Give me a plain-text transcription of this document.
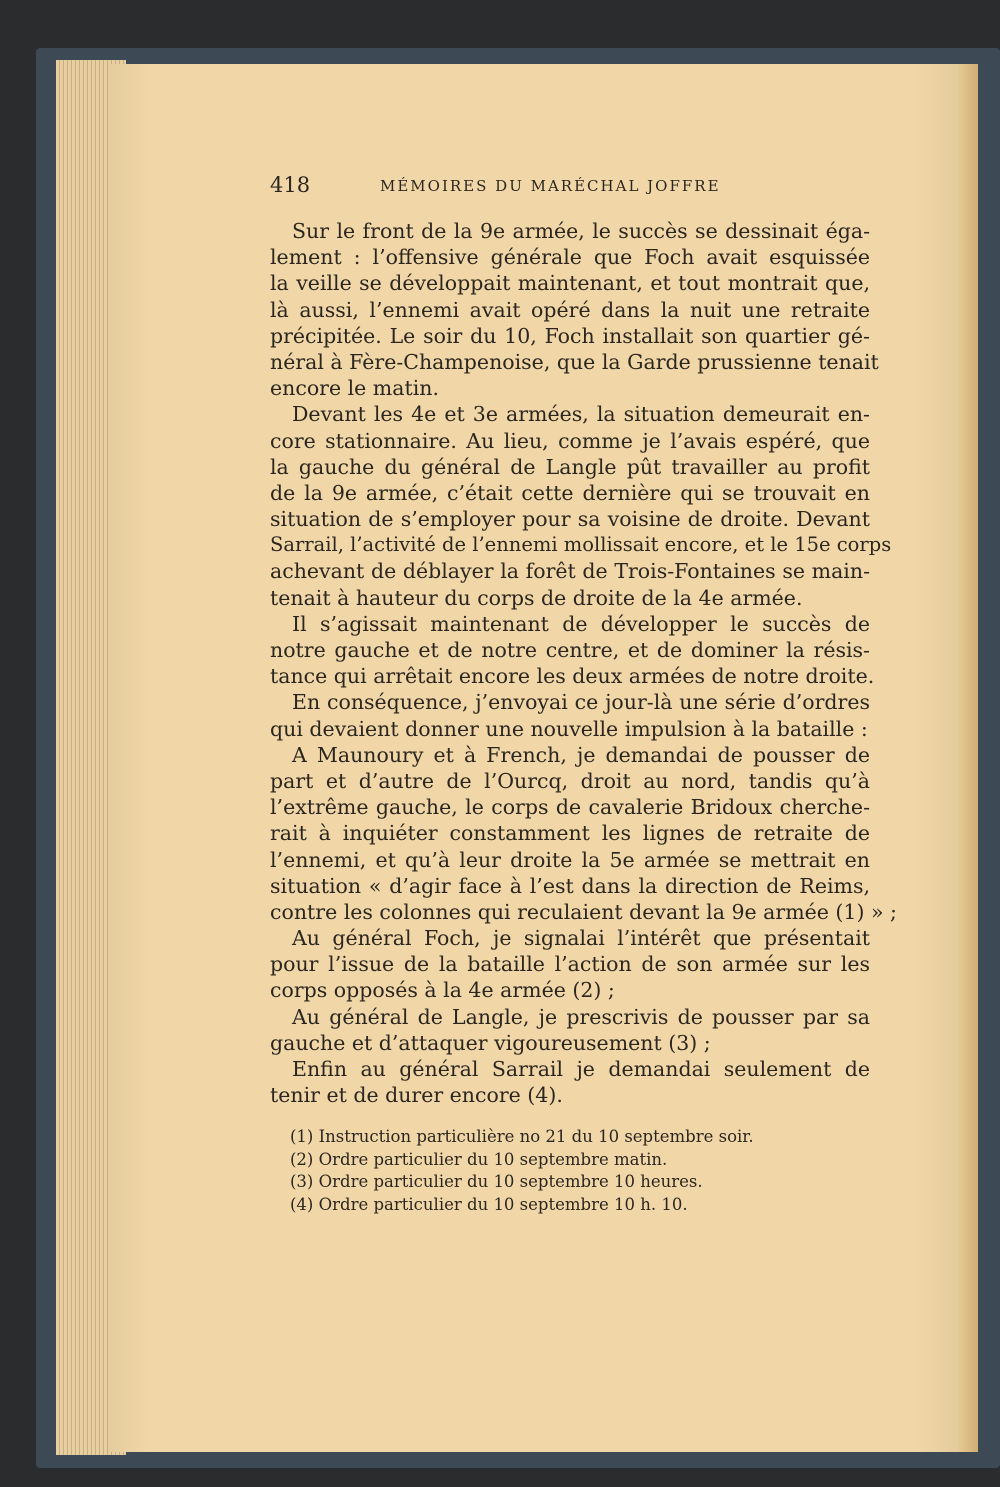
418	MÉMOIRES DU MARÉCHAL JOFFRE
Sur le front de la 9e armée, le succès se dessinait éga-
lement : l’offensive générale que Foch avait esquissée
la veille se développait maintenant, et tout montrait que,
là aussi, l’ennemi avait opéré dans la nuit une retraite
précipitée. Le soir du 10, Foch installait son quartier gé-
néral à Fère-Champenoise, que la Garde prussienne tenait
encore le matin.
Devant les 4e et 3e armées, la situation demeurait en-
core stationnaire. Au lieu, comme je l’avais espéré, que
la gauche du général de Langle pût travailler au profit
de la 9e armée, c’était cette dernière qui se trouvait en
situation de s’employer pour sa voisine de droite. Devant
Sarrail, l’activité de l’ennemi mollissait encore, et le 15e corps
achevant de déblayer la forêt de Trois-Fontaines se main-
tenait à hauteur du corps de droite de la 4e armée.
Il s’agissait maintenant de développer le succès de
notre gauche et de notre centre, et de dominer la résis-
tance qui arrêtait encore les deux armées de notre droite.
En conséquence, j’envoyai ce jour-là une série d’ordres
qui devaient donner une nouvelle impulsion à la bataille :
A Maunoury et à French, je demandai de pousser de
part et d’autre de l’Ourcq, droit au nord, tandis qu’à
l’extrême gauche, le corps de cavalerie Bridoux cherche-
rait à inquiéter constamment les lignes de retraite de
l’ennemi, et qu’à leur droite la 5e armée se mettrait en
situation « d’agir face à l’est dans la direction de Reims,
contre les colonnes qui reculaient devant la 9e armée (1) » ;
Au général Foch, je signalai l’intérêt que présentait
pour l’issue de la bataille l’action de son armée sur les
corps opposés à la 4e armée (2) ;
Au général de Langle, je prescrivis de pousser par sa
gauche et d’attaquer vigoureusement (3) ;
Enfin au général Sarrail je demandai seulement de
tenir et de durer encore (4).
(1) Instruction particulière no 21 du 10 septembre soir.
(2) Ordre particulier du 10 septembre matin.
(3) Ordre particulier du 10 septembre 10 heures.
(4) Ordre particulier du 10 septembre 10 h. 10.
